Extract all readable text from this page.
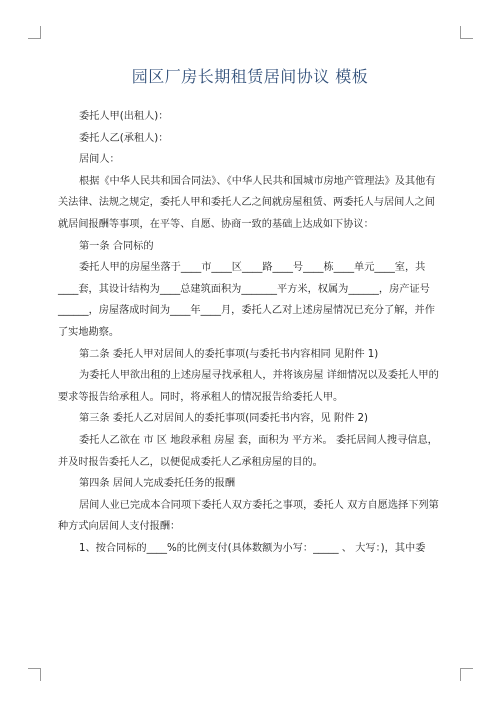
园区厂房长期租赁居间协议 模板

委托人甲(出租人)：

委托人乙(承租人)：

居间人：

根据《中华人民共和国合同法》、《中华人民共和国城市房地产管理法》及其他有关法律、法规之规定，委托人甲和委托人乙之间就房屋租赁、两委托人与居间人之间就居间报酬等事项，在平等、自愿、协商一致的基础上达成如下协议：

第一条 合同标的

委托人甲的房屋坐落于____市____区____路____号____栋____单元____室，共____套，其设计结构为____总建筑面积为_______平方米，权属为______，房产证号______，房屋落成时间为____年____月，委托人乙对上述房屋情况已充分了解，并作了实地勘察。

第二条 委托人甲对居间人的委托事项(与委托书内容相同 见附件 1)

为委托人甲欲出租的上述房屋寻找承租人，并将该房屋 详细情况以及委托人甲的要求等报告给承租人。同时，将承租人的情况报告给委托人甲。

第三条 委托人乙对居间人的委托事项(同委托书内容，见 附件 2)

委托人乙欲在 市 区 地段承租 房屋 套，面积为 平方米。 委托居间人搜寻信息，并及时报告委托人乙，以便促成委托人乙承租房屋的目的。

第四条 居间人完成委托任务的报酬

居间人业已完成本合同项下委托人双方委托之事项，委托人 双方自愿选择下列第种方式向居间人支付报酬：

1、按合同标的____%的比例支付(具体数额为小写：_____ 、 大写：)，其中委
